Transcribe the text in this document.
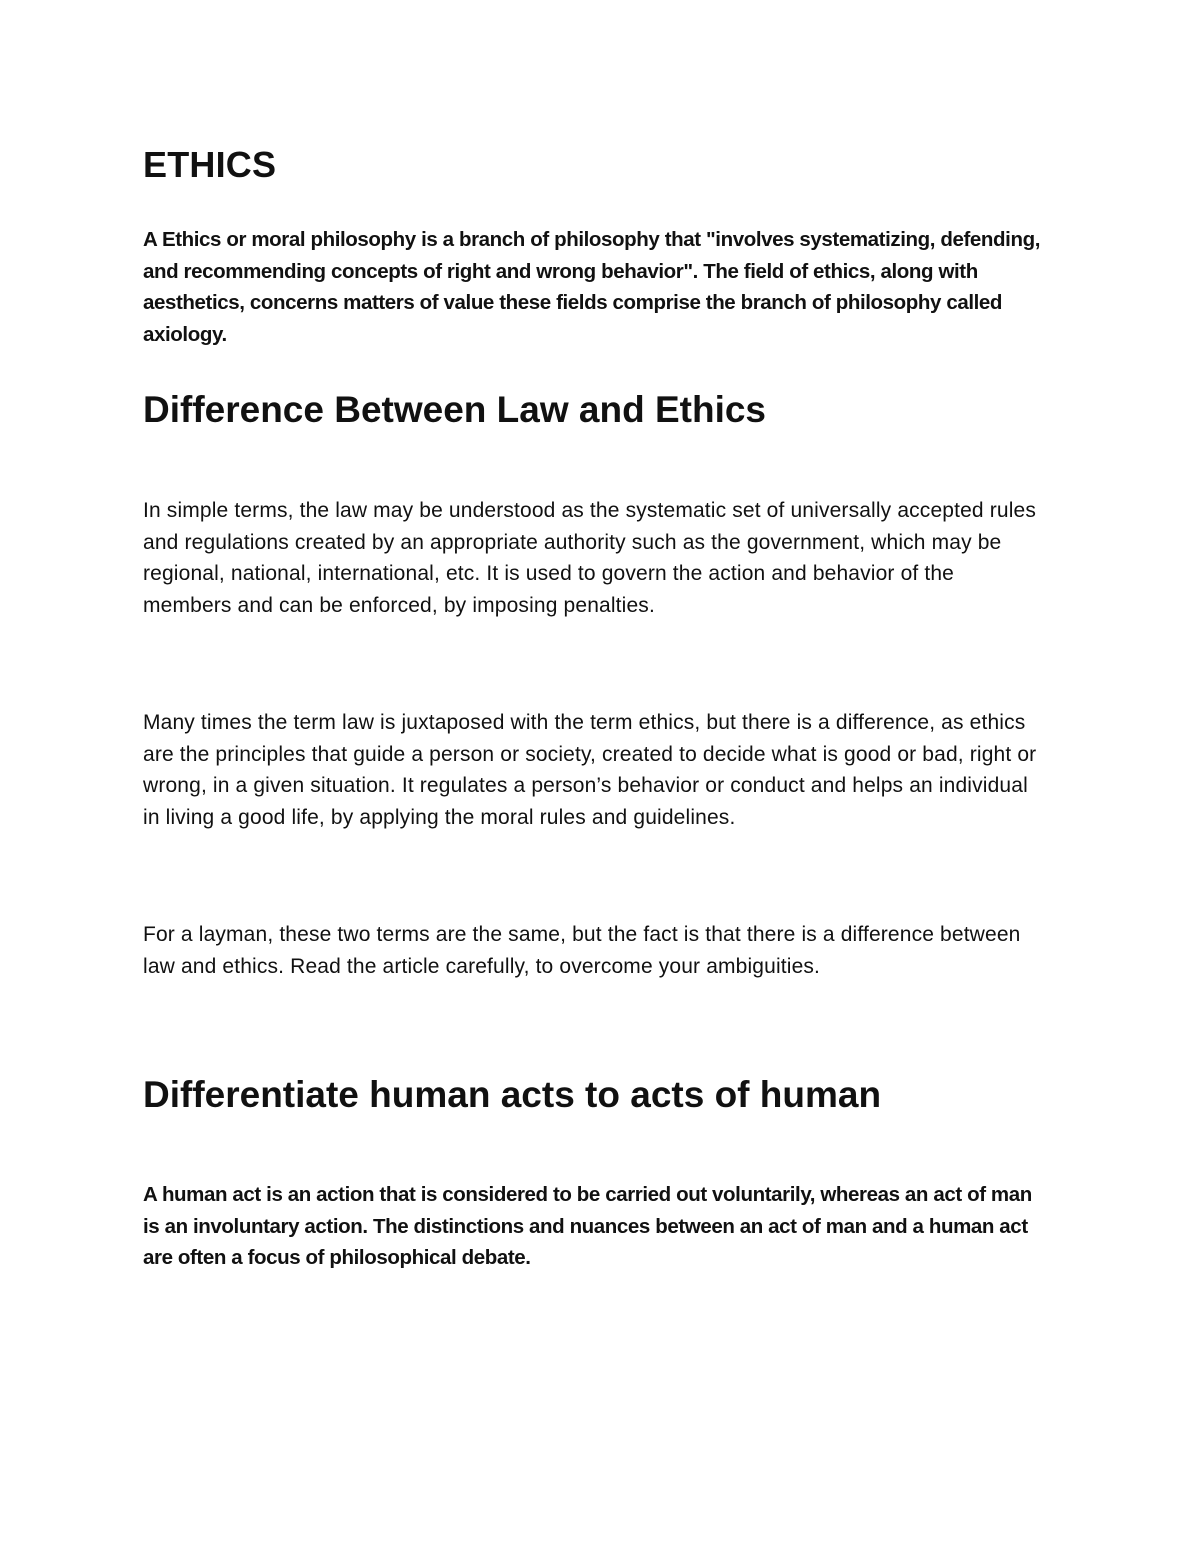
ETHICS

A Ethics or moral philosophy is a branch of philosophy that "involves systematizing, defending, and recommending concepts of right and wrong behavior". The field of ethics, along with aesthetics, concerns matters of value these fields comprise the branch of philosophy called axiology.

Difference Between Law and Ethics

In simple terms, the law may be understood as the systematic set of universally accepted rules and regulations created by an appropriate authority such as the government, which may be regional, national, international, etc. It is used to govern the action and behavior of the members and can be enforced, by imposing penalties.

Many times the term law is juxtaposed with the term ethics, but there is a difference, as ethics are the principles that guide a person or society, created to decide what is good or bad, right or wrong, in a given situation. It regulates a person’s behavior or conduct and helps an individual in living a good life, by applying the moral rules and guidelines.

For a layman, these two terms are the same, but the fact is that there is a difference between law and ethics. Read the article carefully, to overcome your ambiguities.

Differentiate human acts to acts of human

A human act is an action that is considered to be carried out voluntarily, whereas an act of man is an involuntary action. The distinctions and nuances between an act of man and a human act are often a focus of philosophical debate.
